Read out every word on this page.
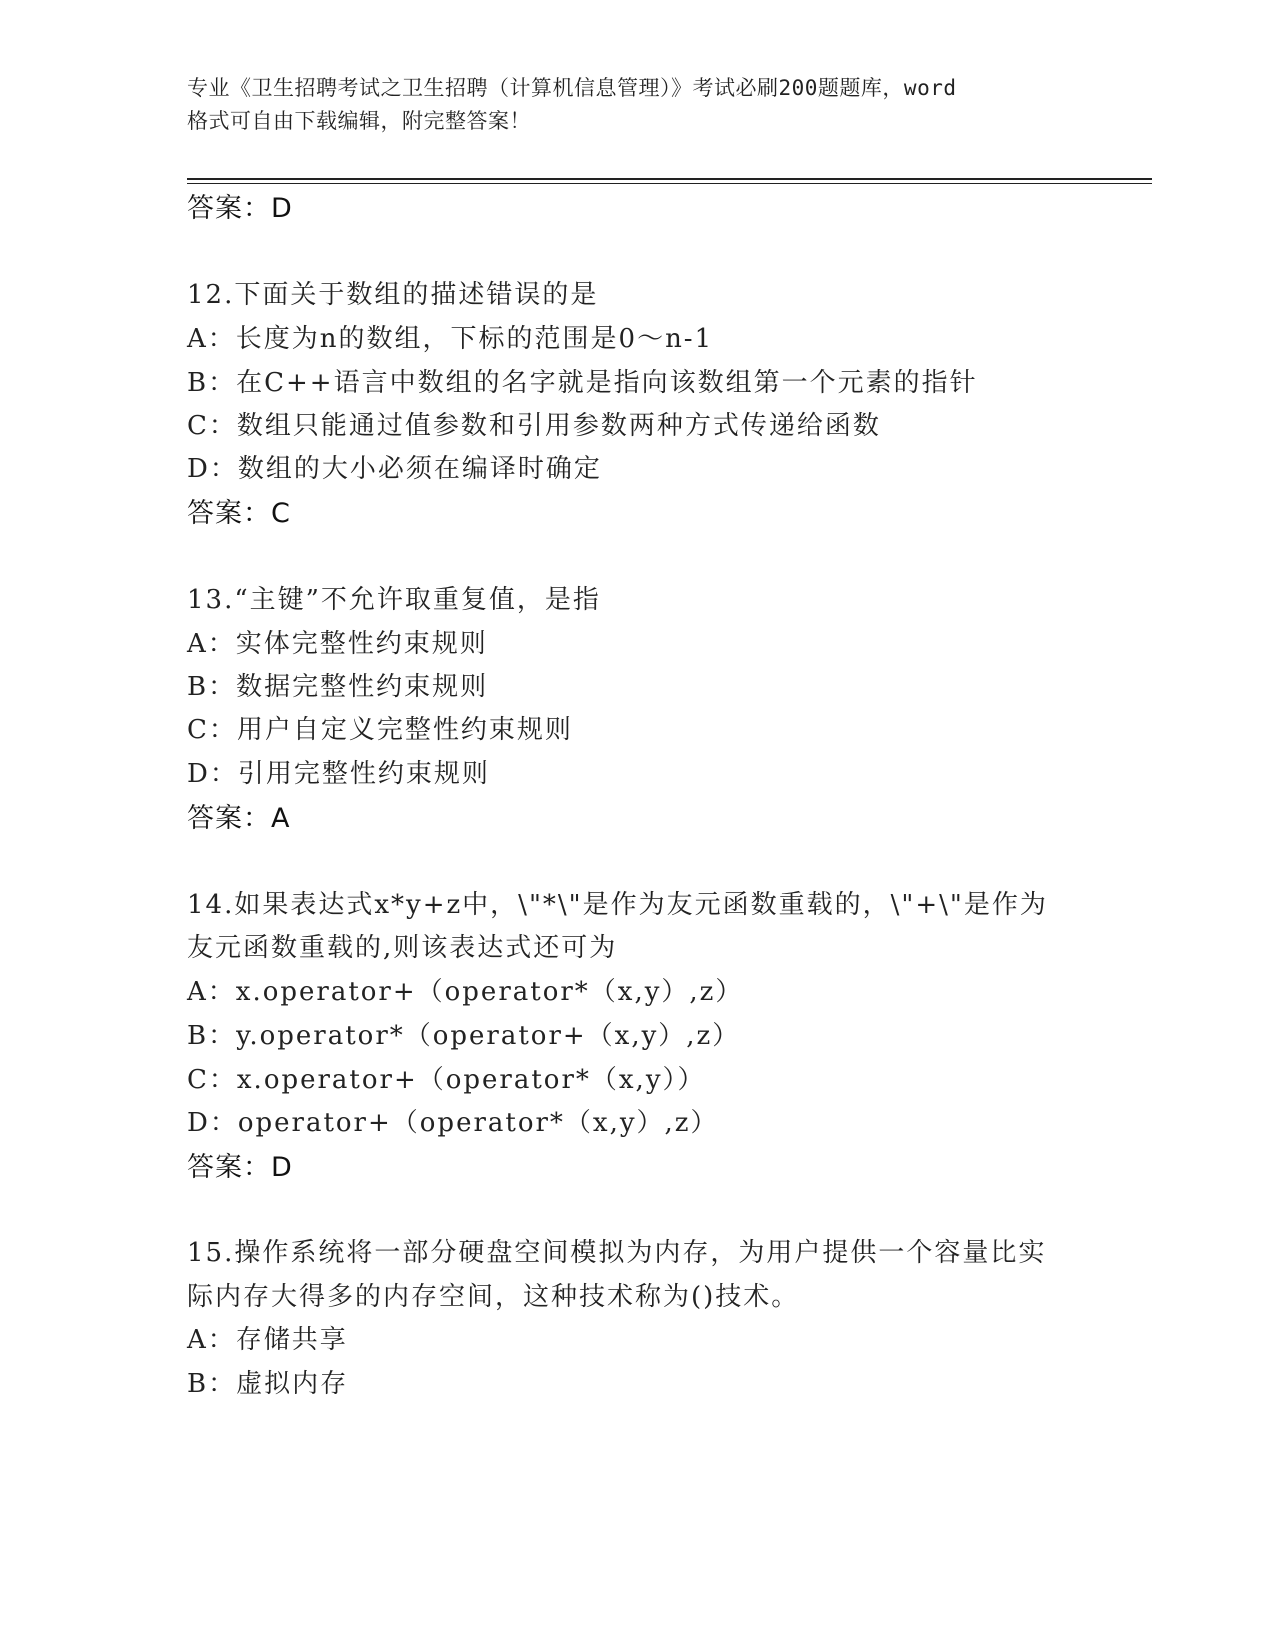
专业《卫生招聘考试之卫生招聘（计算机信息管理）》考试必刷200题题库，word
格式可自由下载编辑，附完整答案！
答案：D
12.下面关于数组的描述错误的是
A：长度为n的数组，下标的范围是0～n-1
B：在C++语言中数组的名字就是指向该数组第一个元素的指针
C：数组只能通过值参数和引用参数两种方式传递给函数
D：数组的大小必须在编译时确定
答案：C
13.“主键”不允许取重复值，是指
A：实体完整性约束规则
B：数据完整性约束规则
C：用户自定义完整性约束规则
D：引用完整性约束规则
答案：A
14.如果表达式x*y+z中，\"*\"是作为友元函数重载的，\"+\"是作为
友元函数重载的,则该表达式还可为
A：x.operator+（operator*（x,y）,z）
B：y.operator*（operator+（x,y）,z）
C：x.operator+（operator*（x,y））
D：operator+（operator*（x,y）,z）
答案：D
15.操作系统将一部分硬盘空间模拟为内存，为用户提供一个容量比实
际内存大得多的内存空间，这种技术称为()技术。
A：存储共享
B：虚拟内存
